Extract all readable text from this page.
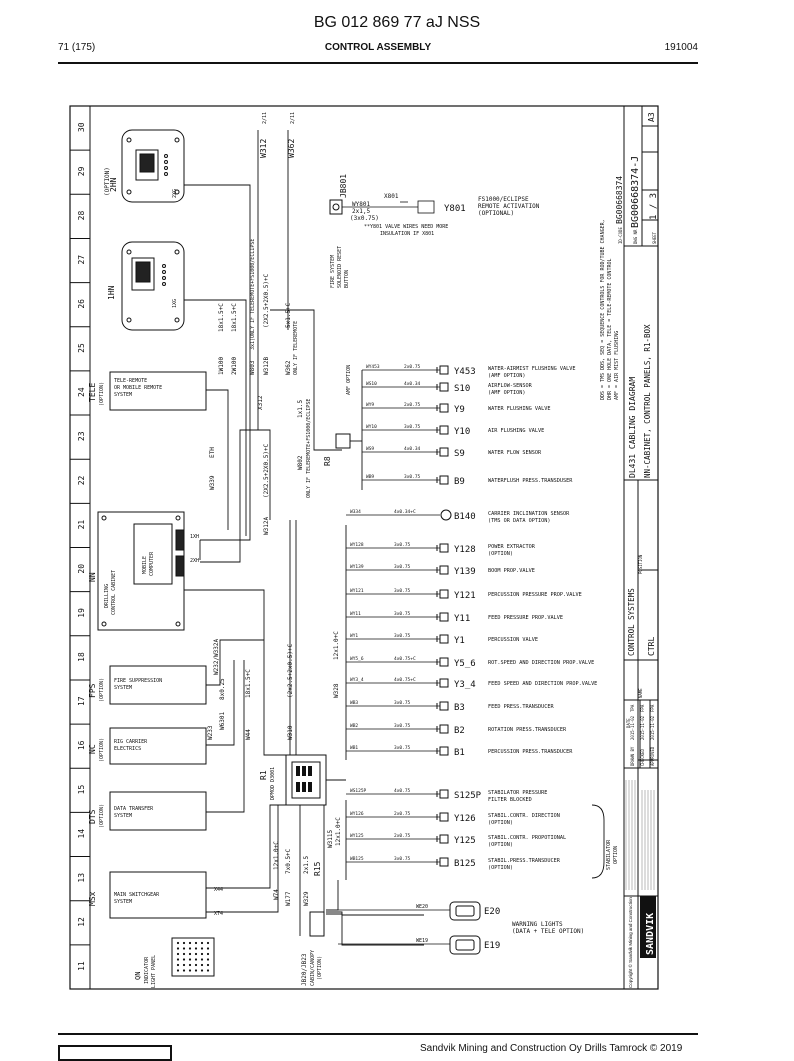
BG 012 869 77 aJ NSS
71 (175)	CONTROL ASSEMBLY	191004
30
29
28
27
26
25
24
23
22
21
20
19
18
17
16
15
14
13
12
11
2HN
(OPTION)	2XG
1HN
1XG
TELE (OPTION)
TELE-REMOTE
OR MOBILE REMOTE
SYSTEM
NN
DRILLING CONTROL CABINET
MOBILE COMPUTER
1XH
2XH
FPS (OPTION) FIRE SUPPRESSION
SYSTEM
NC (OPTION) RIG CARRIER
ELECTRICS
DTS (OPTION) DATA TRANSFER
SYSTEM
MSx	MAIN SWITCHGEAR
SYSTEM
X44
X74
QN INDICATOR LIGHT PANEL
R1 DPMOD D3001
R8
JB801
JB20/JB23 CABIN/CANOPY (OPTION)
W312
2/11
W362
2/11
1W100
18x1.5+C
2W100
18x1.5+C
W803
3x1(ONLY IF TELEREMOTE+FS1000/ECLIPSE
W312B
(2X2.5+2X0.5)+C
W362
5x1.5+C
ONLY IF TELEREMOTE
X312
W339
ETH
W312A
(2X2.5+2X0.5)+C	W802
1x1.5 ONLY IF TELEREMOTE+FS1000/ECLIPSE
W232/W332A
W233
W6301
8x0.25
W44
18x1.5+C
W310
(2x2.5+2x0.5)+C	W328
12x1.0+C
W74
12x1.0+C
W177
7x0.5+C
W329
2x1.5 R15
W3115 12x1.0+C
WY801
2x1,5
(3x0.75)
X801
Y801
FS1000/ECLIPSE
REMOTE ACTIVATION
(OPTIONAL)
**Y801 VALVE WIRES NEED MORE
INSULATION IF X801
FIRE SYSTEM SOLENOID RESET BUTTON
AMF OPTION	WY453	2x0.75	Y453 WATER-AIRMIST FLUSHING VALVE
(AMF OPTION)
WS10	4x0.34	S10	AIRFLOW-SENSOR
(AMF OPTION)
WY9	2x0.75	Y9	WATER FLUSHING VALVE
WY10	3x0.75	Y10	AIR FLUSHING VALVE
WS9	4x0.34	S9	WATER FLOW SENSOR
WB9	3x0.75	B9	WATERFLUSH PRESS.TRANSDUSER
W334	4x0.34+C	B140 CARRIER INCLINATION SENSOR
(TMS OR DATA OPTION)
WY128	3x0.75	Y128 POWER EXTRACTOR
(OPTION)
WY139	3x0.75	Y139 BOOM PROP.VALVE
WY121	3x0.75	Y121 PERCUSSION PRESSURE PROP.VALVE
WY11	3x0.75	Y11	FEED PRESSURE PROP.VALVE
WY1	3x0.75	Y1	PERCUSSION VALVE
WY5_6	4x0.75+C	Y5_6 ROT.SPEED AND DIRECTION PROP.VALVE
WY3_4	4x0.75+C	Y3_4 FEED SPEED AND DIRECTION PROP.VALVE
WB3	3x0.75	B3	FEED PRESS.TRANSDUCER
WB2	3x0.75	B2	ROTATION PRESS.TRANSDUCER
WB1	3x0.75	B1	PERCUSSION PRESS.TRANSDUCER
WS125P	4x0.75	S125P STABILATOR PRESSURE
FILTER BLOCKED
WY126	2x0.75	Y126 STABIL.CONTR. DIRECTION
(OPTION)
WY125	2x0.75	Y125 STABIL.CONTR. PROPOTIONAL
(OPTION)
WB125	3x0.75	B125 STABIL.PRESS.TRANSDUCER
(OPTION)	STABILATOR OPTION
WE20	E20
WE19	E19
WARNING LIGHTS
(DATA + TELE OPTION)
DDS = TMS DDS, SEQ = SEQUENCE CONTROLS FOR ROD/TUBE CHANGER, DHR = ONE HOLE DATA, TELE = TELE-REMOTE CONTROL AMF = AIR MIST FLUSHING
DL431 CABLING DIAGRAM NN-CABINET, CONTROL PANELS, R1-BOX
A3
SHEET
1 / 3
DWG NR
BG00668374-J
ID-CODE
BG00668374
NAME
CONTROL SYSTEMS
POSITION
CTRL
DATE
DRAWN BY
2015-11-02
TPA
CHECKED
2015-11-02
FPA
APPROVED
2015-11-02
FPA
SANDVIK
Copyright © Sandvik Mining and Construction
Sandvik Mining and Construction Oy Drills Tamrock © 2019
